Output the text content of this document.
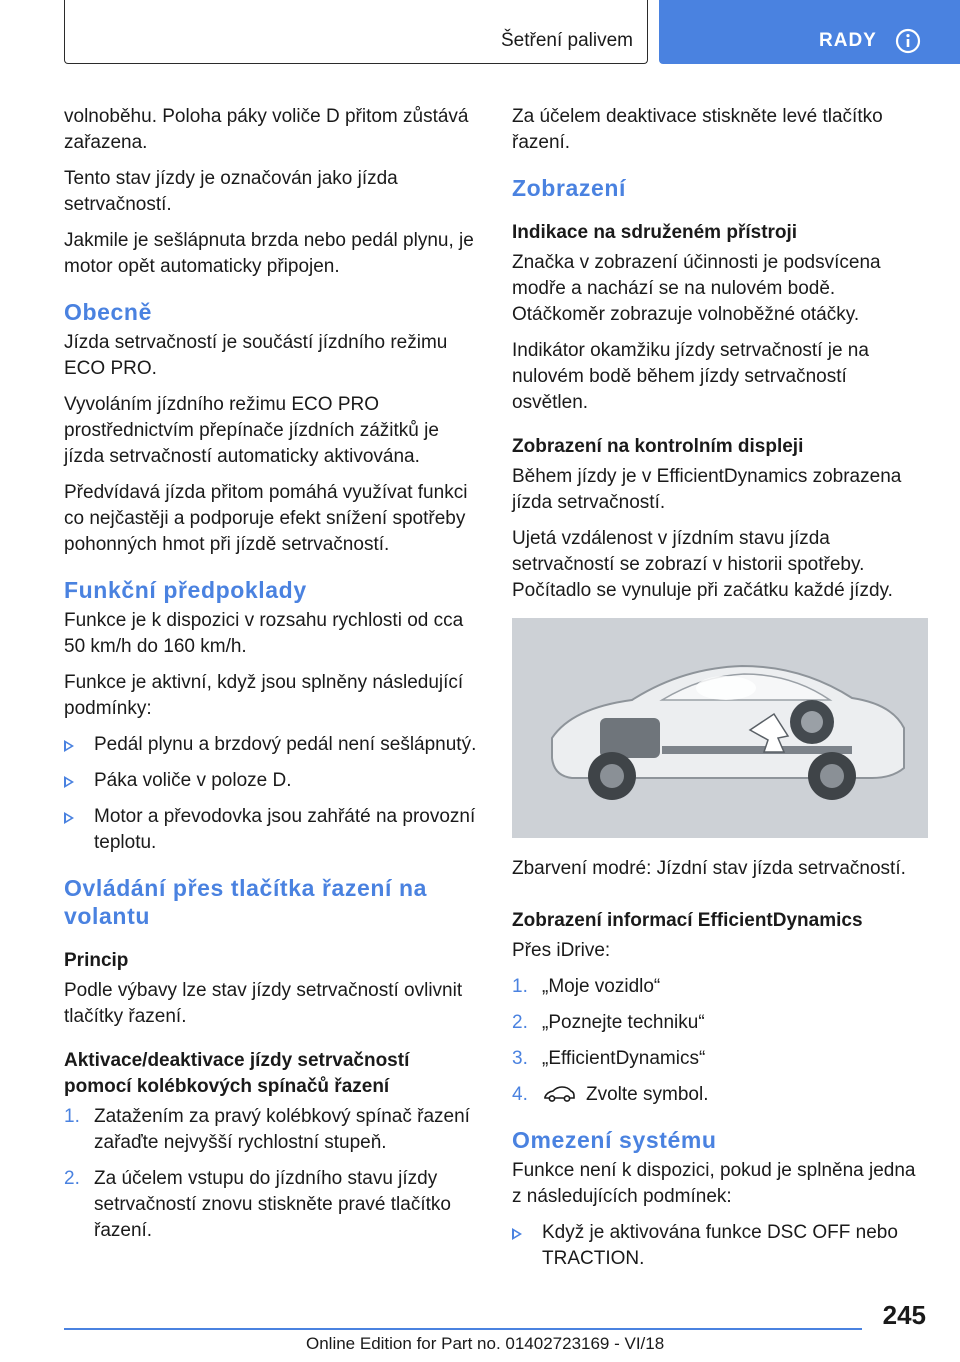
Šetření palivem	RADY

volnoběhu. Poloha páky voliče D přitom zůstává zařazena.

Tento stav jízdy je označován jako jízda setrvačností.

Jakmile je sešlápnuta brzda nebo pedál plynu, je motor opět automaticky připojen.

Obecně

Jízda setrvačností je součástí jízdního režimu ECO PRO.

Vyvoláním jízdního režimu ECO PRO prostřednictvím přepínače jízdních zážitků je jízda setrvačností automaticky aktivována.

Předvídavá jízda přitom pomáhá využívat funkci co nejčastěji a podporuje efekt snížení spotřeby pohonných hmot při jízdě setrvačností.

Funkční předpoklady

Funkce je k dispozici v rozsahu rychlosti od cca 50 km/h do 160 km/h.

Funkce je aktivní, když jsou splněny následující podmínky:

Pedál plynu a brzdový pedál není sešlápnutý.
Páka voliče v poloze D.
Motor a převodovka jsou zahřáté na provozní teplotu.
Ovládání přes tlačítka řazení na volantu
Princip

Podle výbavy lze stav jízdy setrvačností ovlivnit tlačítky řazení.

Aktivace/deaktivace jízdy setrvačností pomocí kolébkových spínačů řazení
1. Zatažením za pravý kolébkový spínač řazení zařaďte nejvyšší rychlostní stupeň.
2. Za účelem vstupu do jízdního stavu jízdy setrvačností znovu stiskněte pravé tlačítko řazení.

Za účelem deaktivace stiskněte levé tlačítko řazení.

Zobrazení
Indikace na sdruženém přístroji

Značka v zobrazení účinnosti je podsvícena modře a nachází se na nulovém bodě. Otáčkoměr zobrazuje volnoběžné otáčky.

Indikátor okamžiku jízdy setrvačností je na nulovém bodě během jízdy setrvačností osvětlen.

Zobrazení na kontrolním displeji

Během jízdy je v EfficientDynamics zobrazena jízda setrvačností.

Ujetá vzdálenost v jízdním stavu jízda setrvačností se zobrazí v historii spotřeby. Počítadlo se vynuluje při začátku každé jízdy.

Zbarvení modré: Jízdní stav jízda setrvačností.

Zobrazení informací EfficientDynamics

Přes iDrive:

1. „Moje vozidlo“
2. „Poznejte techniku“
3. „EfficientDynamics“
4.	Zvolte symbol.
Omezení systému

Funkce není k dispozici, pokud je splněna jedna z následujících podmínek:

Když je aktivována funkce DSC OFF nebo TRACTION.
245
Online Edition for Part no. 01402723169 - VI/18
